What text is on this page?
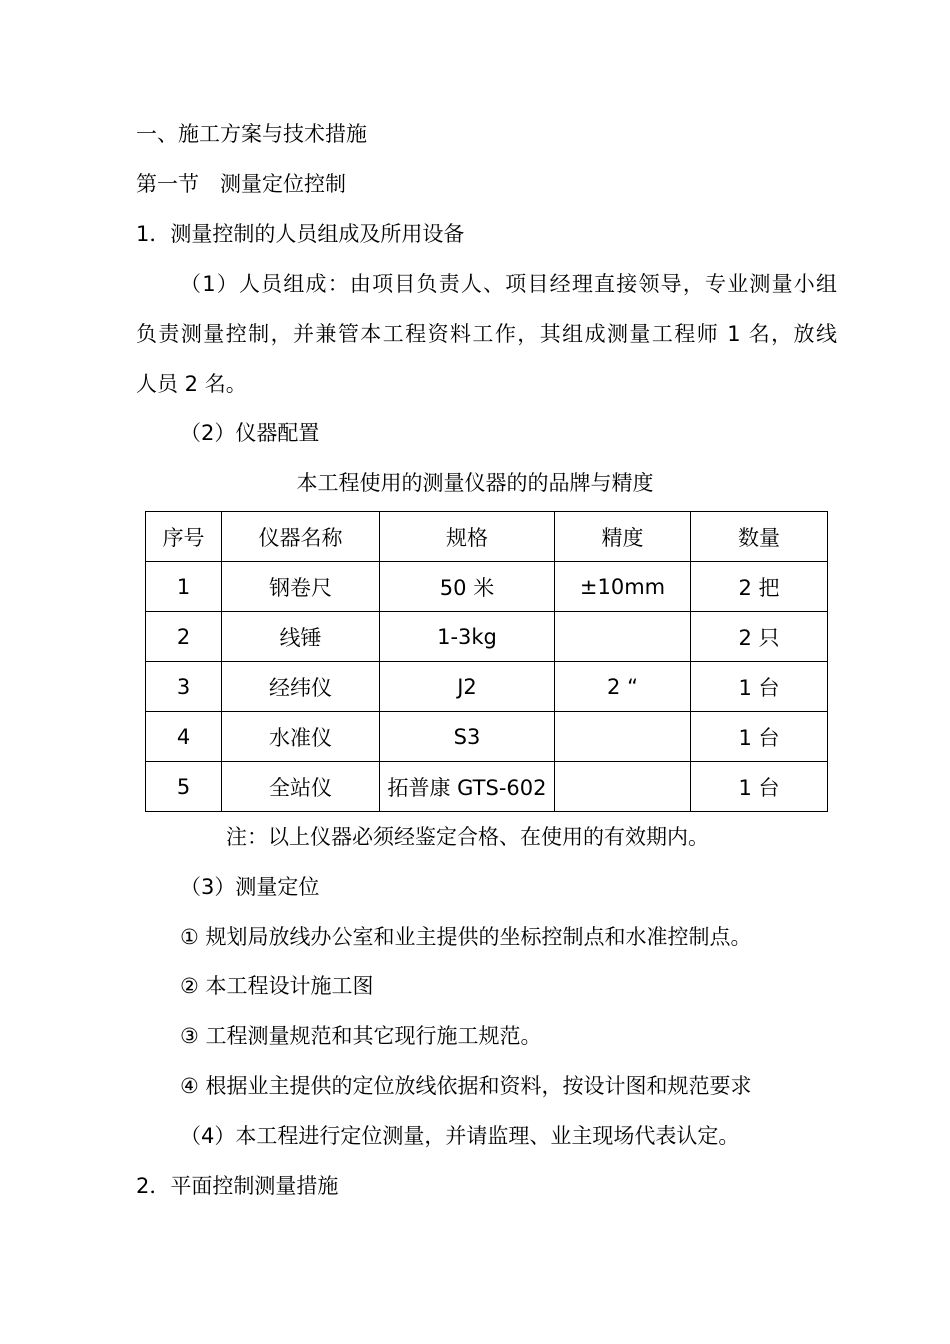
一、施工方案与技术措施
第一节　测量定位控制
1．测量控制的人员组成及所用设备
（1）人员组成：由项目负责人、项目经理直接领导，专业测量小组
负责测量控制，并兼管本工程资料工作，其组成测量工程师 1 名，放线
人员 2 名。
（2）仪器配置
本工程使用的测量仪器的的品牌与精度
序号	仪器名称	规格	精度	数量
1	钢卷尺	50 米	±10mm	2 把
2	线锤	1-3kg		2 只
3	经纬仪	J2	2 “	1 台
4	水准仪	S3		1 台
5	全站仪	拓普康 GTS-602		1 台
注：以上仪器必须经鉴定合格、在使用的有效期内。
（3）测量定位
① 规划局放线办公室和业主提供的坐标控制点和水准控制点。
② 本工程设计施工图
③ 工程测量规范和其它现行施工规范。
④ 根据业主提供的定位放线依据和资料，按设计图和规范要求
（4）本工程进行定位测量，并请监理、业主现场代表认定。
2．平面控制测量措施
